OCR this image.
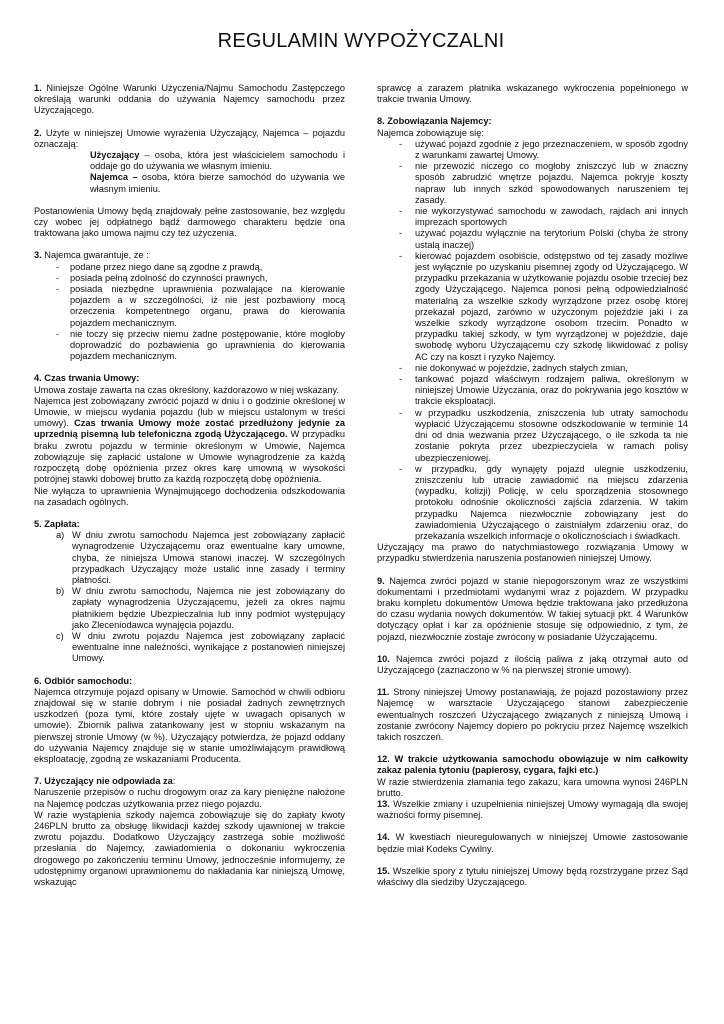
REGULAMIN WYPOŻYCZALNI

1. Niniejsze Ogólne Warunki Użyczenia/Najmu Samochodu Zastępczego określają warunki oddania do używania Najemcy samochodu przez Użyczającego.

2. Użyte w niniejszej Umowie wyrażenia Użyczający, Najemca – pojazdu oznaczają:

Użyczający – osoba, która jest właścicielem samochodu i oddaje go do używania we własnym imieniu.

Najemca – osoba, która bierze samochód do używania we własnym imieniu.

Postanowienia Umowy będą znajdowały pełne zastosowanie, bez względu czy wobec jej odpłatnego bądź darmowego charakteru będzie ona traktowana jako umowa najmu czy też użyczenia.

3. Najemca gwarantuje, że :

- podane przez niego dane są zgodne z prawdą,
- posiada pełną zdolność do czynności prawnych,
- posiada niezbędne uprawnienia pozwalające na kierowanie pojazdem a w szczególności, iż nie jest pozbawiony mocą orzeczenia kompetentnego organu, prawa do kierowania pojazdem mechanicznym.
- nie toczy się przeciw niemu żadne postępowanie, które mogłoby doprowadzić do pozbawienia go uprawnienia do kierowania pojazdem mechanicznym.

4. Czas trwania Umowy:

Umowa zostaje zawarta na czas określony, każdorazowo w niej wskazany.

Najemca jest zobowiązany zwrócić pojazd w dniu i o godzinie określonej w Umowie, w miejscu wydania pojazdu (lub w miejscu ustalonym w treści umowy). Czas trwania Umowy może zostać przedłużony jedynie za uprzednią pisemną lub telefoniczna zgodą Użyczającego. W przypadku braku zwrotu pojazdu w terminie określonym w Umowie, Najemca zobowiązuje się zapłacić ustalone w Umowie wynagrodzenie za każdą rozpoczętą dobę opóźnienia przez okres karę umowną w wysokości potrójnej stawki dobowej brutto za każdą rozpoczętą dobę opóźnienia.

Nie wyłącza to uprawnienia Wynajmującego dochodzenia odszkodowania na zasadach ogólnych.

5. Zapłata:

a) W dniu zwrotu samochodu Najemca jest zobowiązany zapłacić wynagrodzenie Użyczającemu oraz ewentualne kary umowne, chyba, że niniejsza Umowa stanowi inaczej. W szczególnych przypadkach Użyczający może ustalić inne zasady i terminy płatności.
b) W dniu zwrotu samochodu, Najemca nie jest zobowiązany do zapłaty wynagrodzenia Użyczającemu, jeżeli za okres najmu płatnikiem będzie Ubezpieczalnia lub inny podmiot występujący jako Zleceniodawca wynajęcia pojazdu.
c) W dniu zwrotu pojazdu Najemca jest zobowiązany zapłacić ewentualne inne należności, wynikające z postanowień niniejszej Umowy.

6. Odbiór samochodu:

Najemca otrzymuje pojazd opisany w Umowie. Samochód w chwili odbioru znajdował się w stanie dobrym i nie posiadał żadnych zewnętrznych uszkodzeń (poza tymi, które zostały ujęte w uwagach opisanych w umowie). Zbiornik paliwa zatankowany jest w stopniu wskazanym na pierwszej stronie Umowy (w %). Użyczający potwierdza, że pojazd oddany do używania Najemcy znajduje się w stanie umożliwiającym prawidłową eksploatację, zgodną ze wskazaniami Producenta.

7. Użyczający nie odpowiada za:

Naruszenie przepisów o ruchu drogowym oraz za kary pieniężne nałożone na Najemcę podczas użytkowania przez niego pojazdu.

W razie wystąpienia szkody najemca zobowiązuje się do zapłaty kwoty 246PLN brutto za obsługę likwidacji każdej szkody ujawnionej w trakcie zwrotu pojazdu. Dodatkowo Użyczający zastrzega sobie możliwość przesłania do Najemcy, zawiadomienia o dokonaniu wykroczenia drogowego po zakończeniu terminu Umowy, jednocześnie informujemy, że udostępnimy organowi uprawnionemu do nakładania kar niniejszą Umowę, wskazując

sprawcę a zarazem płatnika wskazanego wykroczenia popełnionego w trakcie trwania Umowy.

8. Zobowiązania Najemcy:

Najemca zobowiązuje się:

- używać pojazd zgodnie z jego przeznaczeniem, w sposób zgodny z warunkami zawartej Umowy.
- nie przewozić niczego co mogłoby zniszczyć lub w znaczny sposób zabrudzić wnętrze pojazdu. Najemca pokryje koszty napraw lub innych szkód spowodowanych naruszeniem tej zasady.
- nie wykorzystywać samochodu w zawodach, rajdach ani innych imprezach sportowych
- używać pojazdu wyłącznie na terytorium Polski (chyba że strony ustalą inaczej)
- kierować pojazdem osobiście, odstępstwo od tej zasady możliwe jest wyłącznie po uzyskaniu pisemnej zgody od Użyczającego. W przypadku przekazania w użytkowanie pojazdu osobie trzeciej bez zgody Użyczającego. Najemca ponosi pełną odpowiedzialność materialną za wszelkie szkody wyrządzone przez osobę której przekazał pojazd, zarówno w użyczonym pojeździe jaki i za wszelkie szkody wyrządzone osobom trzecim. Ponadto w przypadku takiej szkody, w tym wyrządzonej w pojeździe, daje swobodę wyboru Użyczającemu czy szkodę likwidować z polisy AC czy na koszt i ryzyko Najemcy.
- nie dokonywać w pojeździe, żadnych stałych zmian,
- tankować pojazd właściwym rodzajem paliwa, określonym w niniejszej Umowie Użyczania, oraz do pokrywania jego kosztów w trakcie eksploatacji.
- w przypadku uszkodzenia, zniszczenia lub utraty samochodu wypłacić Użyczającemu stosowne odszkodowanie w terminie 14 dni od dnia wezwania przez Użyczającego, o ile szkoda ta nie zostanie pokryta przez ubezpieczyciela w ramach polisy ubezpieczeniowej.
- w przypadku, gdy wynajęty pojazd ulegnie uszkodzeniu, zniszczeniu lub utracie zawiadomić na miejscu zdarzenia (wypadku, kolizji) Policję, w celu sporządzenia stosownego protokołu odnośnie okoliczności zajścia zdarzenia. W takim przypadku Najemca niezwłocznie zobowiązany jest do zawiadomienia Użyczającego o zaistniałym zdarzeniu oraz, do przekazania wszelkich informacje o okolicznościach i świadkach.

Użyczający ma prawo do natychmiastowego rozwiązania Umowy w przypadku stwierdzenia naruszenia postanowień niniejszej Umowy.

9. Najemca zwróci pojazd w stanie niepogorszonym wraz ze wszystkimi dokumentami i przedmiotami wydanymi wraz z pojazdem. W przypadku braku kompletu dokumentów Umowa będzie traktowana jako przedłużona do czasu wydania nowych dokumentów. W takiej sytuacji pkt. 4 Warunków dotyczący opłat i kar za opóźnienie stosuje się odpowiednio, z tym, że pojazd, niezwłocznie zostaje zwrócony w posiadanie Użyczającemu.

10. Najemca zwróci pojazd z ilością paliwa z jaką otrzymał auto od Użyczającego (zaznaczono w % na pierwszej stronie umowy).

11. Strony niniejszej Umowy postanawiają, że pojazd pozostawiony przez Najemcę w warsztacie Użyczającego stanowi zabezpieczenie ewentualnych roszczeń Użyczającego związanych z niniejszą Umową i zostanie zwrócony Najemcy dopiero po pokryciu przez Najemcę wszelkich takich roszczeń.

12. W trakcie użytkowania samochodu obowiązuje w nim całkowity zakaz palenia tytoniu (papierosy, cygara, fajki etc.)

W razie stwierdzenia złamania tego zakazu, kara umowna wynosi 246PLN brutto.

13. Wszelkie zmiany i uzupełnienia niniejszej Umowy wymagają dla swojej ważności formy pisemnej.

14. W kwestiach nieuregulowanych w niniejszej Umowie zastosowanie będzie miał Kodeks Cywilny.

15. Wszelkie spory z tytułu niniejszej Umowy będą rozstrzygane przez Sąd właściwy dla siedziby Użyczającego.
